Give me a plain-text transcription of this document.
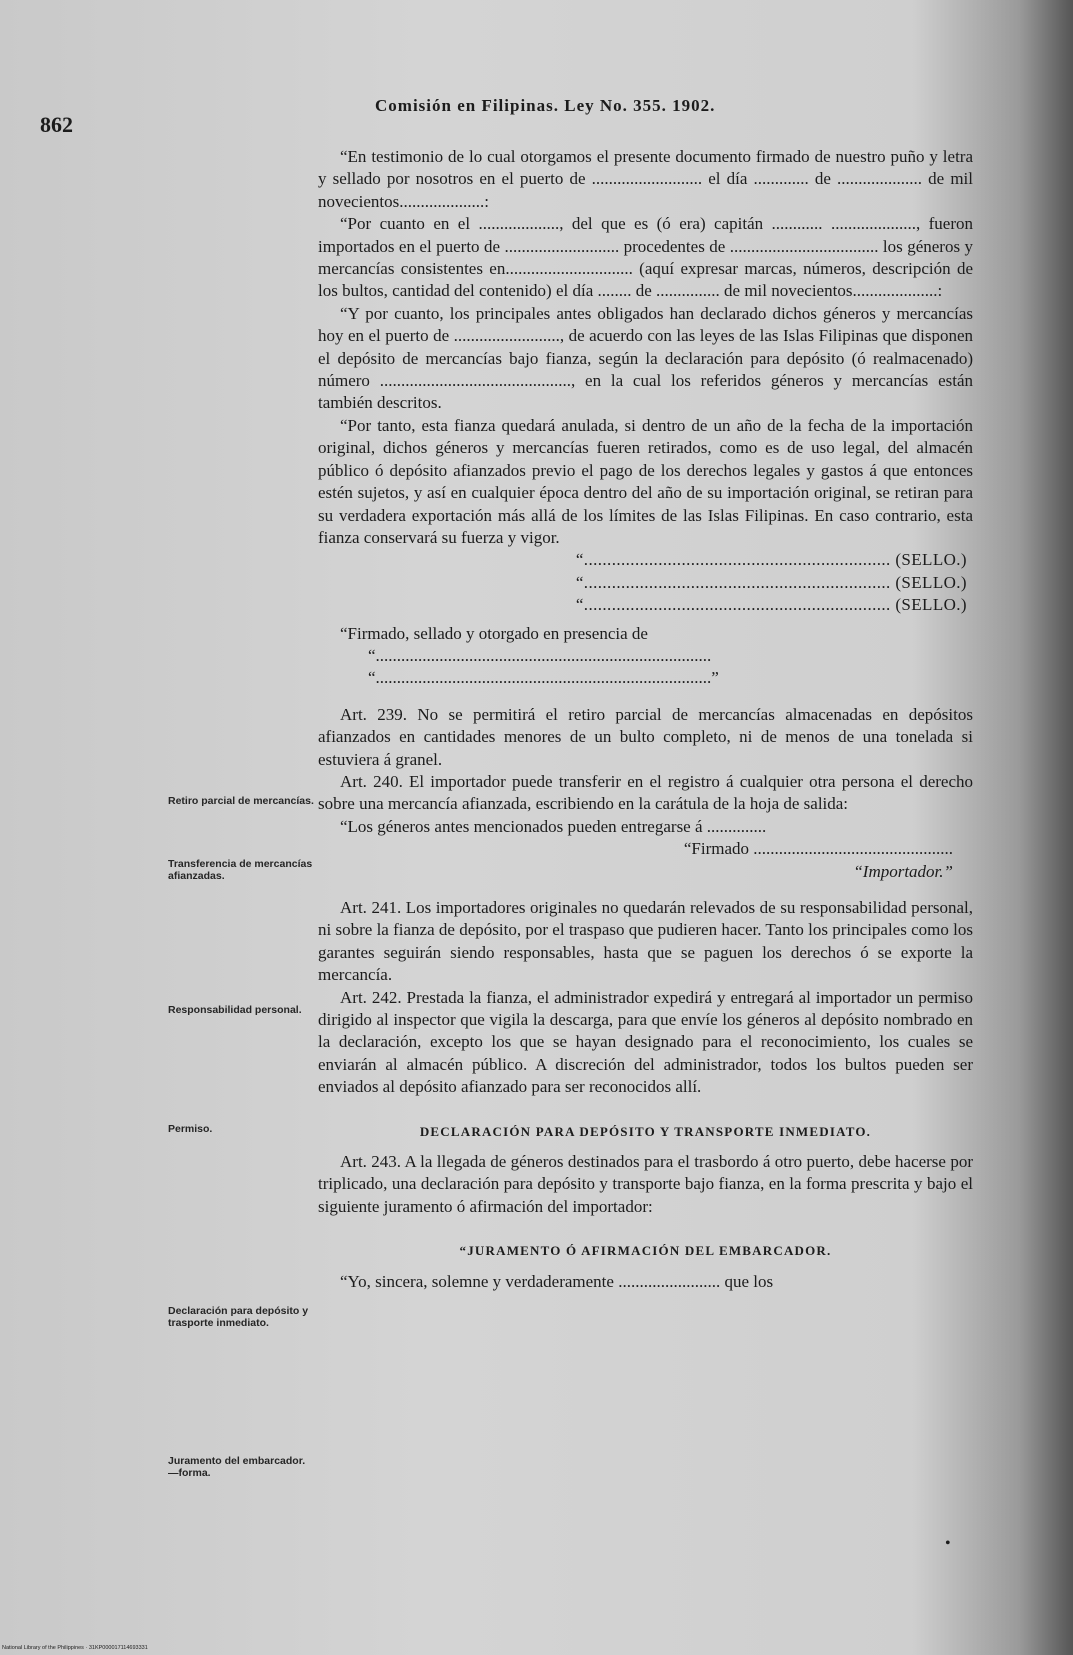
862
Comisión en Filipinas. Ley No. 355. 1902.

“En testimonio de lo cual otorgamos el presente documento firmado de nuestro puño y letra y sellado por nosotros en el puerto de .......................... el día ............. de .................... de mil novecientos....................:

“Por cuanto en el ..................., del que es (ó era) capitán ............ ...................., fueron importados en el puerto de ........................... procedentes de ................................... los géneros y mercancías consistentes en.............................. (aquí expresar marcas, números, descripción de los bultos, cantidad del contenido) el día ........ de ............... de mil novecientos....................:

“Y por cuanto, los principales antes obligados han declarado dichos géneros y mercancías hoy en el puerto de ........................., de acuerdo con las leyes de las Islas Filipinas que disponen el depósito de mercancías bajo fianza, según la declaración para depósito (ó realmacenado) número ............................................., en la cual los referidos géneros y mercancías están también descritos.

“Por tanto, esta fianza quedará anulada, si dentro de un año de la fecha de la importación original, dichos géneros y mercancías fueren retirados, como es de uso legal, del almacén público ó depósito afianzados previo el pago de los derechos legales y gastos á que entonces estén sujetos, y así en cualquier época dentro del año de su importación original, se retiran para su verdadera exportación más allá de los límites de las Islas Filipinas. En caso contrario, esta fianza conservará su fuerza y vigor.

“.................................................................. (SELLO.)

“.................................................................. (SELLO.)

“.................................................................. (SELLO.)

“Firmado, sellado y otorgado en presencia de

“...............................................................................

“...............................................................................”

Art. 239. No se permitirá el retiro parcial de mercancías almacenadas en depósitos afianzados en cantidades menores de un bulto completo, ni de menos de una tonelada si estuviera á granel.

Art. 240. El importador puede transferir en el registro á cualquier otra persona el derecho sobre una mercancía afianzada, escribiendo en la carátula de la hoja de salida:

“Los géneros antes mencionados pueden entregarse á ..............

“Firmado ...............................................

“Importador.”

Art. 241. Los importadores originales no quedarán relevados de su responsabilidad personal, ni sobre la fianza de depósito, por el traspaso que pudieren hacer. Tanto los principales como los garantes seguirán siendo responsables, hasta que se paguen los derechos ó se exporte la mercancía.

Art. 242. Prestada la fianza, el administrador expedirá y entregará al importador un permiso dirigido al inspector que vigila la descarga, para que envíe los géneros al depósito nombrado en la declaración, excepto los que se hayan designado para el reconocimiento, los cuales se enviarán al almacén público. A discreción del administrador, todos los bultos pueden ser enviados al depósito afianzado para ser reconocidos allí.

DECLARACIÓN PARA DEPÓSITO Y TRANSPORTE INMEDIATO.

Art. 243. A la llegada de géneros destinados para el trasbordo á otro puerto, debe hacerse por triplicado, una declaración para depósito y transporte bajo fianza, en la forma prescrita y bajo el siguiente juramento ó afirmación del importador:

“JURAMENTO Ó AFIRMACIÓN DEL EMBARCADOR.

“Yo, sincera, solemne y verdaderamente ........................ que los

Retiro parcial de mercancías.
Transferencia de mercancías afianzadas.
Responsabilidad personal.
Permiso.
Declaración para depósito y trasporte inmediato.
Juramento del embarcador. —forma.
•
National Library of the Philippines · 31KP000017114693331
